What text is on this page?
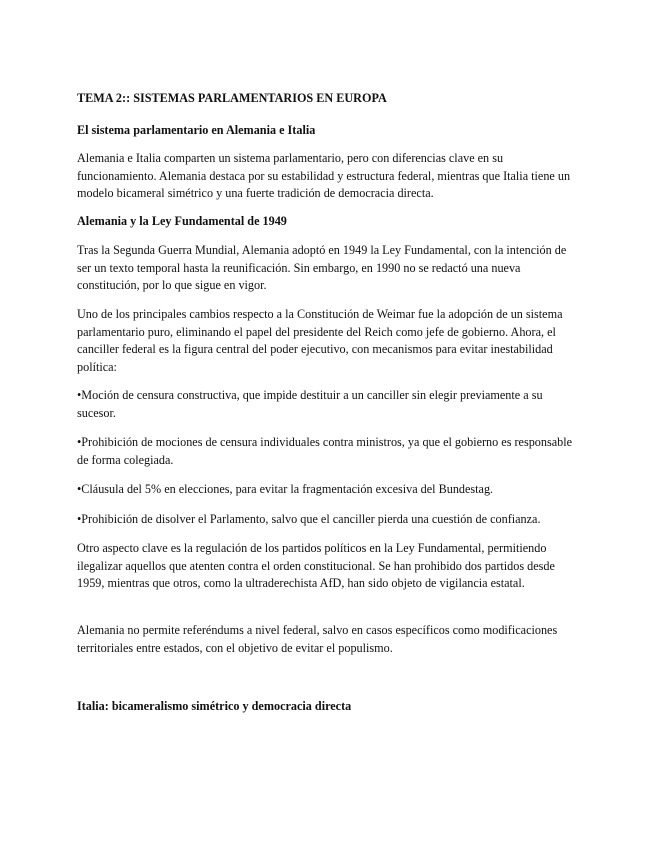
TEMA 2:: SISTEMAS PARLAMENTARIOS EN EUROPA

El sistema parlamentario en Alemania e Italia

Alemania e Italia comparten un sistema parlamentario, pero con diferencias clave en su funcionamiento. Alemania destaca por su estabilidad y estructura federal, mientras que Italia tiene un modelo bicameral simétrico y una fuerte tradición de democracia directa.

Alemania y la Ley Fundamental de 1949

Tras la Segunda Guerra Mundial, Alemania adoptó en 1949 la Ley Fundamental, con la intención de ser un texto temporal hasta la reunificación. Sin embargo, en 1990 no se redactó una nueva constitución, por lo que sigue en vigor.

Uno de los principales cambios respecto a la Constitución de Weimar fue la adopción de un sistema parlamentario puro, eliminando el papel del presidente del Reich como jefe de gobierno. Ahora, el canciller federal es la figura central del poder ejecutivo, con mecanismos para evitar inestabilidad política:

•Moción de censura constructiva, que impide destituir a un canciller sin elegir previamente a su sucesor.

•Prohibición de mociones de censura individuales contra ministros, ya que el gobierno es responsable de forma colegiada.

•Cláusula del 5% en elecciones, para evitar la fragmentación excesiva del Bundestag.

•Prohibición de disolver el Parlamento, salvo que el canciller pierda una cuestión de confianza.

Otro aspecto clave es la regulación de los partidos políticos en la Ley Fundamental, permitiendo ilegalizar aquellos que atenten contra el orden constitucional. Se han prohibido dos partidos desde 1959, mientras que otros, como la ultraderechista AfD, han sido objeto de vigilancia estatal.

Alemania no permite referéndums a nivel federal, salvo en casos específicos como modificaciones territoriales entre estados, con el objetivo de evitar el populismo.

Italia: bicameralismo simétrico y democracia directa
